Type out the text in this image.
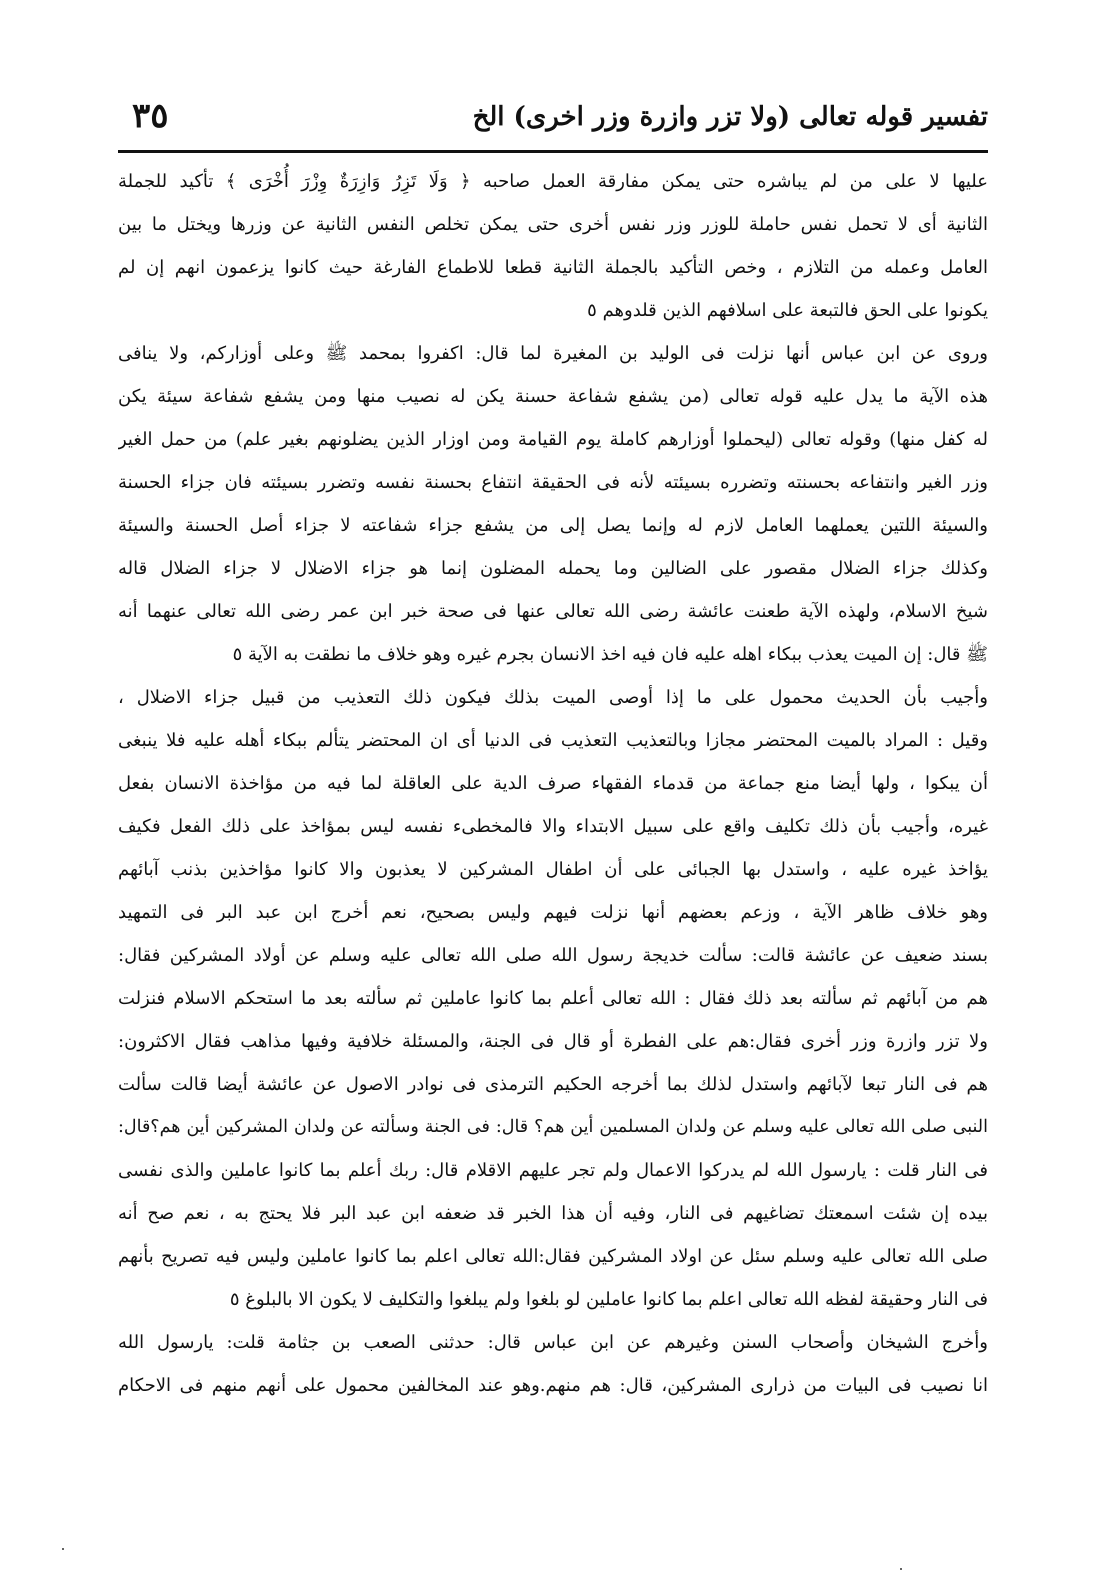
تفسير قوله تعالى (ولا تزر وازرة وزر اخرى) الخ
٣٥
عليها لا على من لم يباشره حتى يمكن مفارقة العمل صاحبه ﴿ وَلَا تَزِرُ وَازِرَةٌ وِزْرَ أُخْرَى ﴾ تأكيد للجملة
الثانية أى لا تحمل نفس حاملة للوزر وزر نفس أخرى حتى يمكن تخلص النفس الثانية عن وزرها ويختل ما بين
العامل وعمله من التلازم ، وخص التأكيد بالجملة الثانية قطعا للاطماع الفارغة حيث كانوا يزعمون انهم إن لم
يكونوا على الحق فالتبعة على اسلافهم الذين قلدوهم ٥
وروى عن ابن عباس أنها نزلت فى الوليد بن المغيرة لما قال: اكفروا بمحمد ﷺ وعلى أوزاركم، ولا ينافى
هذه الآية ما يدل عليه قوله تعالى (من يشفع شفاعة حسنة يكن له نصيب منها ومن يشفع شفاعة سيئة يكن
له كفل منها) وقوله تعالى (ليحملوا أوزارهم كاملة يوم القيامة ومن اوزار الذين يضلونهم بغير علم) من حمل الغير
وزر الغير وانتفاعه بحسنته وتضرره بسيئته لأنه فى الحقيقة انتفاع بحسنة نفسه وتضرر بسيئته فان جزاء الحسنة
والسيئة اللتين يعملهما العامل لازم له وإنما يصل إلى من يشفع جزاء شفاعته لا جزاء أصل الحسنة والسيئة
وكذلك جزاء الضلال مقصور على الضالين وما يحمله المضلون إنما هو جزاء الاضلال لا جزاء الضلال قاله
شيخ الاسلام، ولهذه الآية طعنت عائشة رضى الله تعالى عنها فى صحة خبر ابن عمر رضى الله تعالى عنهما أنه
ﷺ قال: إن الميت يعذب ببكاء اهله عليه فان فيه اخذ الانسان بجرم غيره وهو خلاف ما نطقت به الآية ٥
وأجيب بأن الحديث محمول على ما إذا أوصى الميت بذلك فيكون ذلك التعذيب من قبيل جزاء الاضلال ،
وقيل : المراد بالميت المحتضر مجازا وبالتعذيب التعذيب فى الدنيا أى ان المحتضر يتألم ببكاء أهله عليه فلا ينبغى
أن يبكوا ، ولها أيضا منع جماعة من قدماء الفقهاء صرف الدية على العاقلة لما فيه من مؤاخذة الانسان بفعل
غيره، وأجيب بأن ذلك تكليف واقع على سبيل الابتداء والا فالمخطىء نفسه ليس بمؤاخذ على ذلك الفعل فكيف
يؤاخذ غيره عليه ، واستدل بها الجبائى على أن اطفال المشركين لا يعذبون والا كانوا مؤاخذين بذنب آبائهم
وهو خلاف ظاهر الآية ، وزعم بعضهم أنها نزلت فيهم وليس بصحيح، نعم أخرج ابن عبد البر فى التمهيد
بسند ضعيف عن عائشة قالت: سألت خديجة رسول الله صلى الله تعالى عليه وسلم عن أولاد المشركين فقال:
هم من آبائهم ثم سألته بعد ذلك فقال : الله تعالى أعلم بما كانوا عاملين ثم سألته بعد ما استحكم الاسلام فنزلت
ولا تزر وازرة وزر أخرى فقال:هم على الفطرة أو قال فى الجنة، والمسئلة خلافية وفيها مذاهب فقال الاكثرون:
هم فى النار تبعا لآبائهم واستدل لذلك بما أخرجه الحكيم الترمذى فى نوادر الاصول عن عائشة أيضا قالت سألت
النبى صلى الله تعالى عليه وسلم عن ولدان المسلمين أين هم؟ قال: فى الجنة وسألته عن ولدان المشركين أين هم؟قال:
فى النار قلت : يارسول الله لم يدركوا الاعمال ولم تجر عليهم الاقلام قال: ربك أعلم بما كانوا عاملين والذى نفسى
بيده إن شئت اسمعتك تضاغيهم فى النار، وفيه أن هذا الخبر قد ضعفه ابن عبد البر فلا يحتج به ، نعم صح أنه
صلى الله تعالى عليه وسلم سئل عن اولاد المشركين فقال:الله تعالى اعلم بما كانوا عاملين وليس فيه تصريح بأنهم
فى النار وحقيقة لفظه الله تعالى اعلم بما كانوا عاملين لو بلغوا ولم يبلغوا والتكليف لا يكون الا بالبلوغ ٥
وأخرج الشيخان وأصحاب السنن وغيرهم عن ابن عباس قال: حدثنى الصعب بن جثامة قلت: يارسول الله
انا نصيب فى البيات من ذرارى المشركين، قال: هم منهم.وهو عند المخالفين محمول على أنهم منهم فى الاحكام
